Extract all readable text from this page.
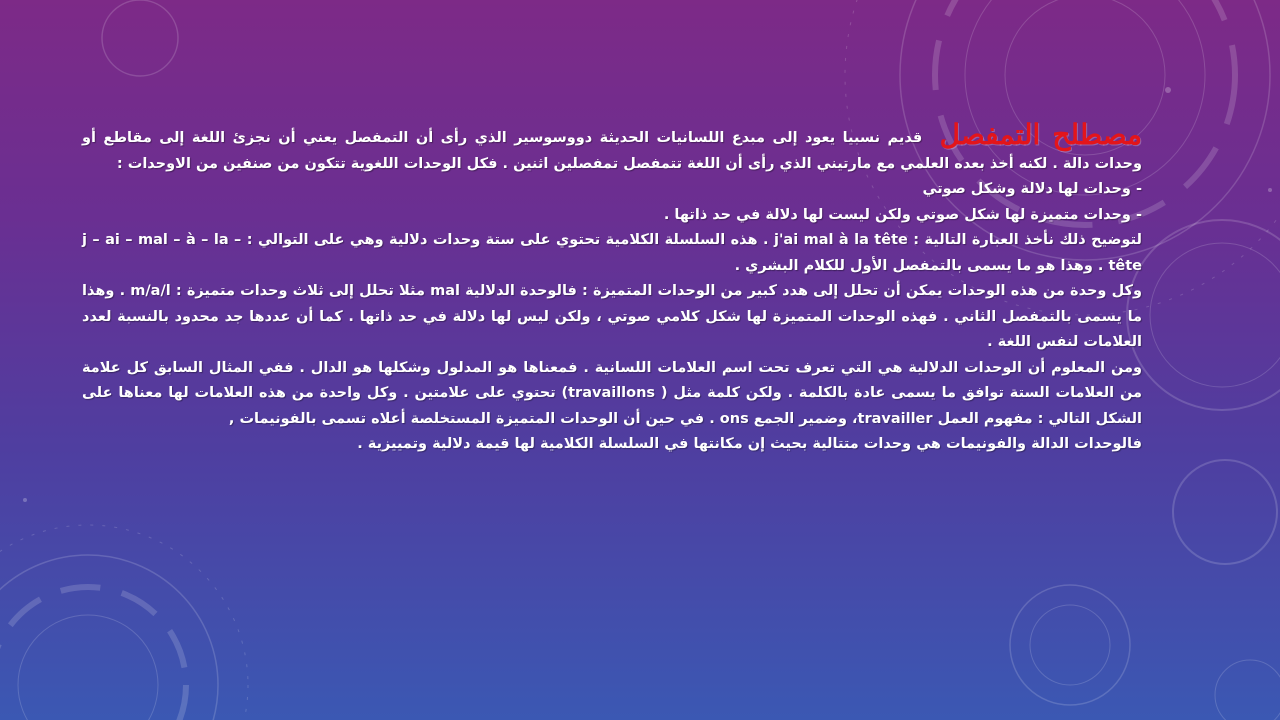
مصطلح التمفصل قديم نسبيا يعود إلى مبدع اللسانيات الحديثة دووسوسير الذي رأى أن التمفصل يعني أن نجزئ اللغة إلى مقاطع أو وحدات دالة . لكنه أخذ بعده العلمي مع مارتيني الذي رأى أن اللغة تتمفصل تمفصلين اثنين . فكل الوحدات اللغوية تتكون من صنفين من الاوحدات :

- وحدات لها دلالة وشكل صوتي

- وحدات متميزة لها شكل صوتي ولكن ليست لها دلالة في حد ذاتها .

لتوضيح ذلك نأخذ العبارة التالية : j'ai mal à la tête . هذه السلسلة الكلامية تحتوي على ستة وحدات دلالية وهي على التوالي : j – ai – mal – à – la – tête . وهذا هو ما يسمى بالتمفصل الأول للكلام البشري .

وكل وحدة من هذه الوحدات يمكن أن تحلل إلى هدد كبير من الوحدات المتميزة : فالوحدة الدلالية mal مثلا تحلل إلى ثلاث وحدات متميزة : m/a/l . وهذا ما يسمى بالتمفصل الثاني . فهذه الوحدات المتميزة لها شكل كلامي صوتي ، ولكن ليس لها دلالة في حد ذاتها . كما أن عددها جد محدود بالنسبة لعدد العلامات لنفس اللغة .

ومن المعلوم أن الوحدات الدلالية هي التي تعرف تحت اسم العلامات اللسانية . فمعناها هو المدلول وشكلها هو الدال . ففي المثال السابق كل علامة من العلامات الستة توافق ما يسمى عادة بالكلمة . ولكن كلمة مثل ( travaillons) تحتوي على علامتين . وكل واحدة من هذه العلامات لها معناها على الشكل التالي : مفهوم العمل travailler، وضمير الجمع ons . في حين أن الوحدات المتميزة المستخلصة أعلاه تسمى بالفونيمات ,

فالوحدات الدالة والفونيمات هي وحدات متتالية بحيث إن مكانتها في السلسلة الكلامية لها قيمة دلالية وتمييزية .
